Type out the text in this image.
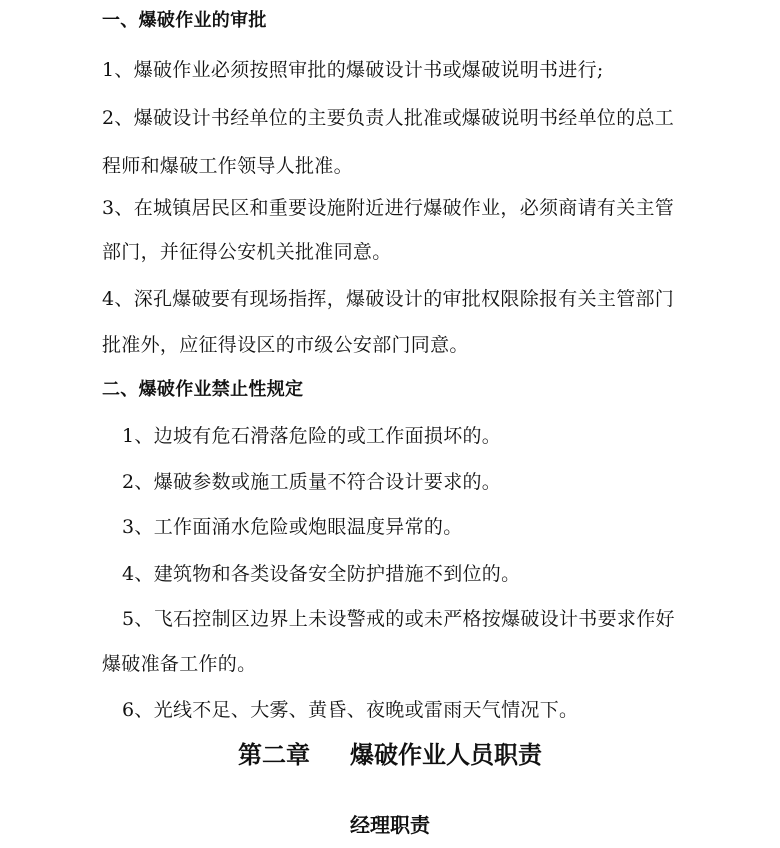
一、爆破作业的审批
1、爆破作业必须按照审批的爆破设计书或爆破说明书进行;
2、爆破设计书经单位的主要负责人批准或爆破说明书经单位的总工
程师和爆破工作领导人批准。
3、在城镇居民区和重要设施附近进行爆破作业，必须商请有关主管
部门，并征得公安机关批准同意。
4、深孔爆破要有现场指挥，爆破设计的审批权限除报有关主管部门
批准外，应征得设区的市级公安部门同意。
二、爆破作业禁止性规定
1、边坡有危石滑落危险的或工作面损坏的。
2、爆破参数或施工质量不符合设计要求的。
3、工作面涌水危险或炮眼温度异常的。
4、建筑物和各类设备安全防护措施不到位的。
5、飞石控制区边界上未设警戒的或未严格按爆破设计书要求作好
爆破准备工作的。
6、光线不足、大雾、黄昏、夜晚或雷雨天气情况下。
第二章 爆破作业人员职责
经理职责
